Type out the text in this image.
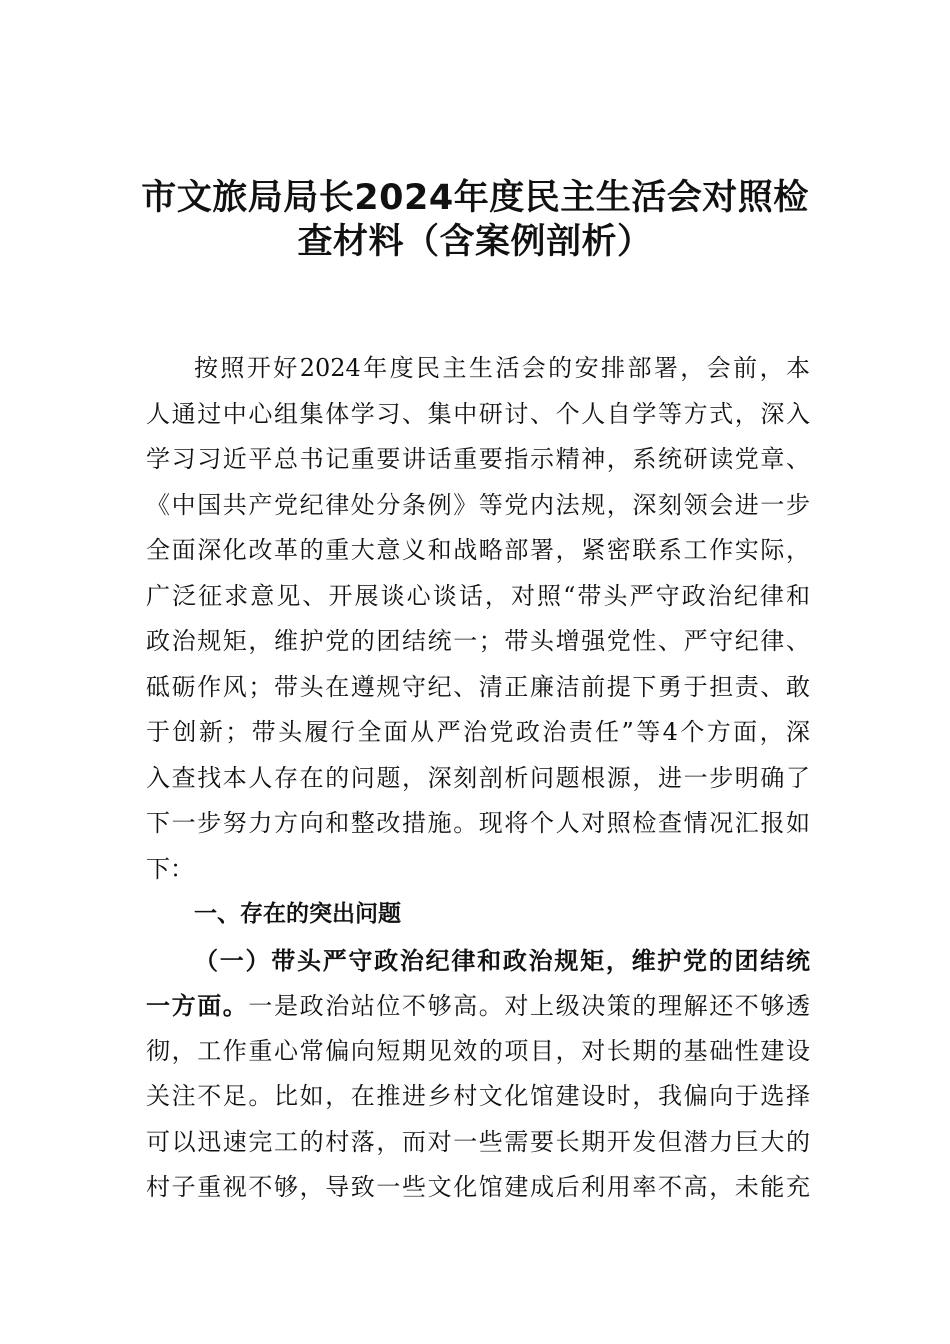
市文旅局局长2024年度民主生活会对照检
查材料（含案例剖析）
按照开好2024年度民主生活会的安排部署，会前，本
人通过中心组集体学习、集中研讨、个人自学等方式，深入
学习习近平总书记重要讲话重要指示精神，系统研读党章、
《中国共产党纪律处分条例》等党内法规，深刻领会进一步
全面深化改革的重大意义和战略部署，紧密联系工作实际，
广泛征求意见、开展谈心谈话，对照“带头严守政治纪律和
政治规矩，维护党的团结统一；带头增强党性、严守纪律、
砥砺作风；带头在遵规守纪、清正廉洁前提下勇于担责、敢
于创新；带头履行全面从严治党政治责任”等4个方面，深
入查找本人存在的问题，深刻剖析问题根源，进一步明确了
下一步努力方向和整改措施。现将个人对照检查情况汇报如
下：
一、存在的突出问题
（一）带头严守政治纪律和政治规矩，维护党的团结统
一方面。一是政治站位不够高。对上级决策的理解还不够透
彻，工作重心常偏向短期见效的项目，对长期的基础性建设
关注不足。比如，在推进乡村文化馆建设时，我偏向于选择
可以迅速完工的村落，而对一些需要长期开发但潜力巨大的
村子重视不够，导致一些文化馆建成后利用率不高，未能充
